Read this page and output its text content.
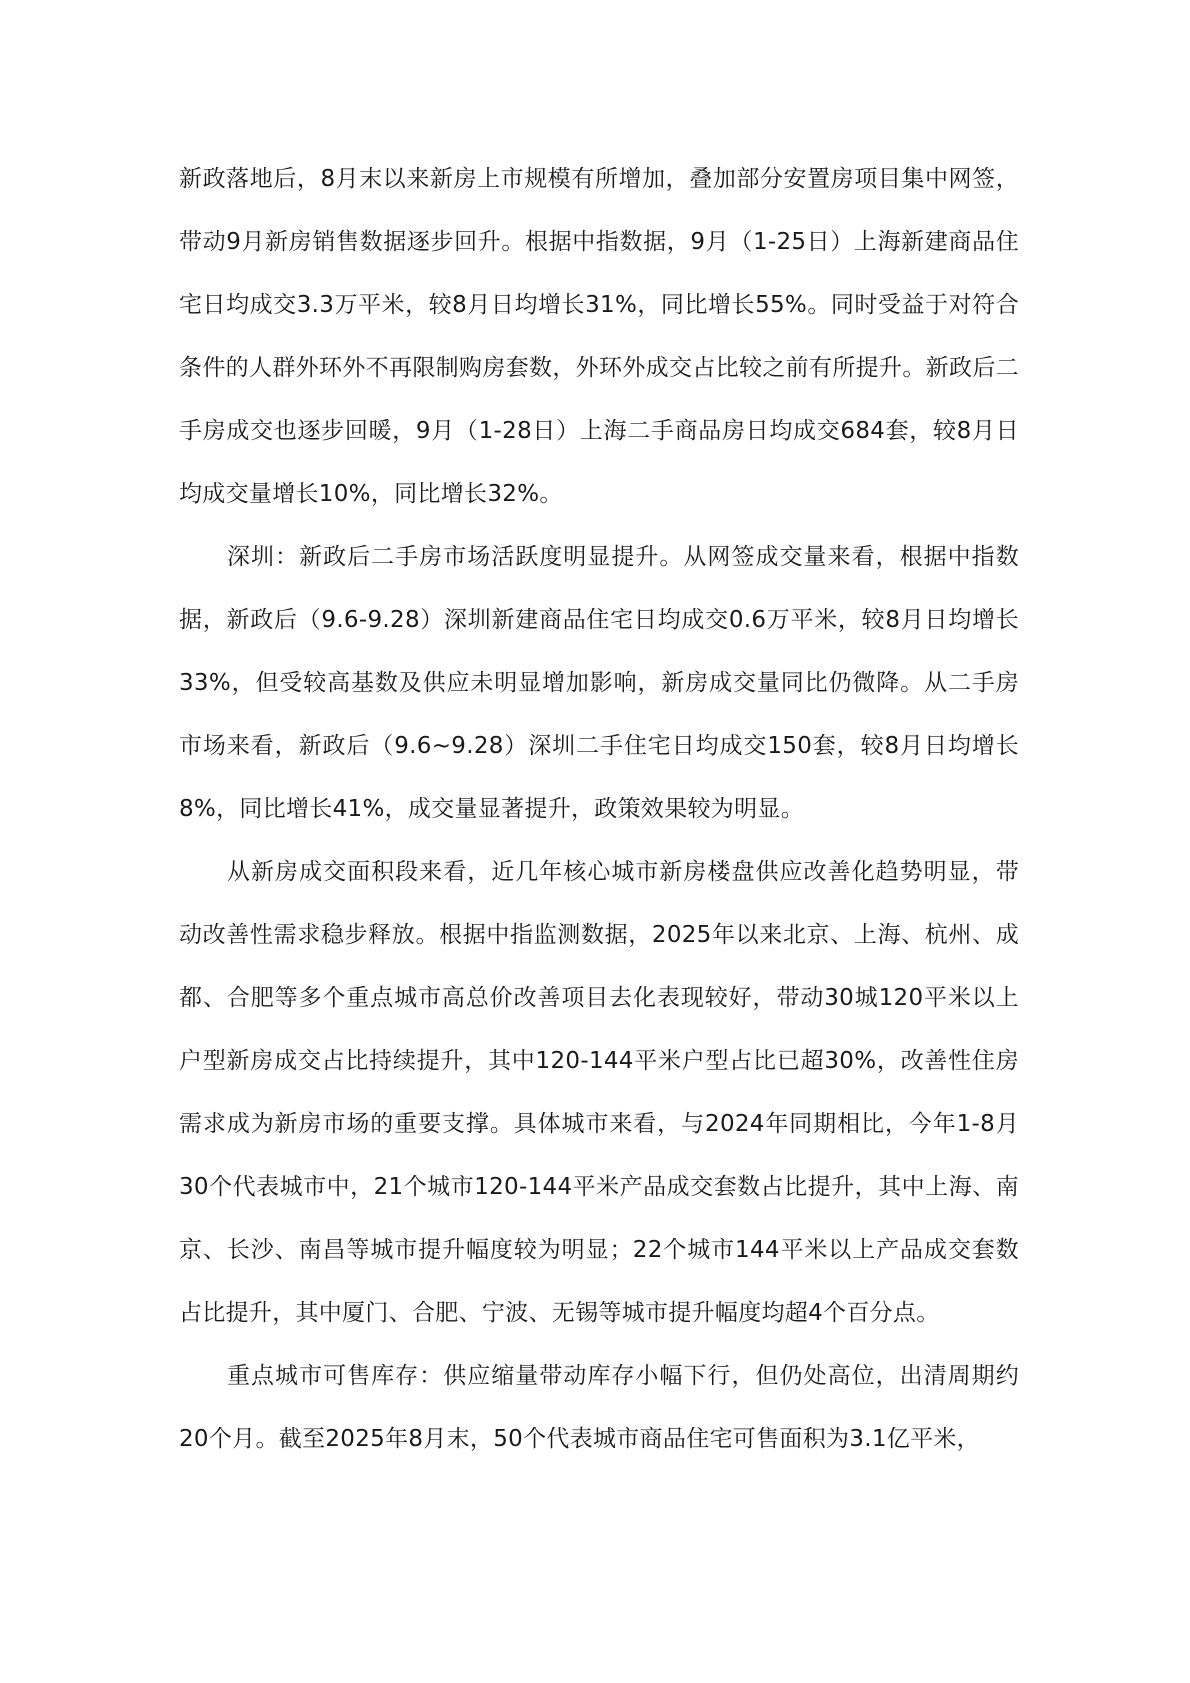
新政落地后，8月末以来新房上市规模有所增加，叠加部分安置房项目集中网签，带动9月新房销售数据逐步回升。根据中指数据，9月（1-25日）上海新建商品住宅日均成交3.3万平米，较8月日均增长31%，同比增长55%。同时受益于对符合条件的人群外环外不再限制购房套数，外环外成交占比较之前有所提升。新政后二手房成交也逐步回暖，9月（1-28日）上海二手商品房日均成交684套，较8月日均成交量增长10%，同比增长32%。

深圳：新政后二手房市场活跃度明显提升。从网签成交量来看，根据中指数据，新政后（9.6-9.28）深圳新建商品住宅日均成交0.6万平米，较8月日均增长33%，但受较高基数及供应未明显增加影响，新房成交量同比仍微降。从二手房市场来看，新政后（9.6~9.28）深圳二手住宅日均成交150套，较8月日均增长8%，同比增长41%，成交量显著提升，政策效果较为明显。

从新房成交面积段来看，近几年核心城市新房楼盘供应改善化趋势明显，带动改善性需求稳步释放。根据中指监测数据，2025年以来北京、上海、杭州、成都、合肥等多个重点城市高总价改善项目去化表现较好，带动30城120平米以上户型新房成交占比持续提升，其中120-144平米户型占比已超30%，改善性住房需求成为新房市场的重要支撑。具体城市来看，与2024年同期相比，今年1-8月30个代表城市中，21个城市120-144平米产品成交套数占比提升，其中上海、南京、长沙、南昌等城市提升幅度较为明显；22个城市144平米以上产品成交套数占比提升，其中厦门、合肥、宁波、无锡等城市提升幅度均超4个百分点。

重点城市可售库存：供应缩量带动库存小幅下行，但仍处高位，出清周期约20个月。截至2025年8月末，50个代表城市商品住宅可售面积为3.1亿平米，
